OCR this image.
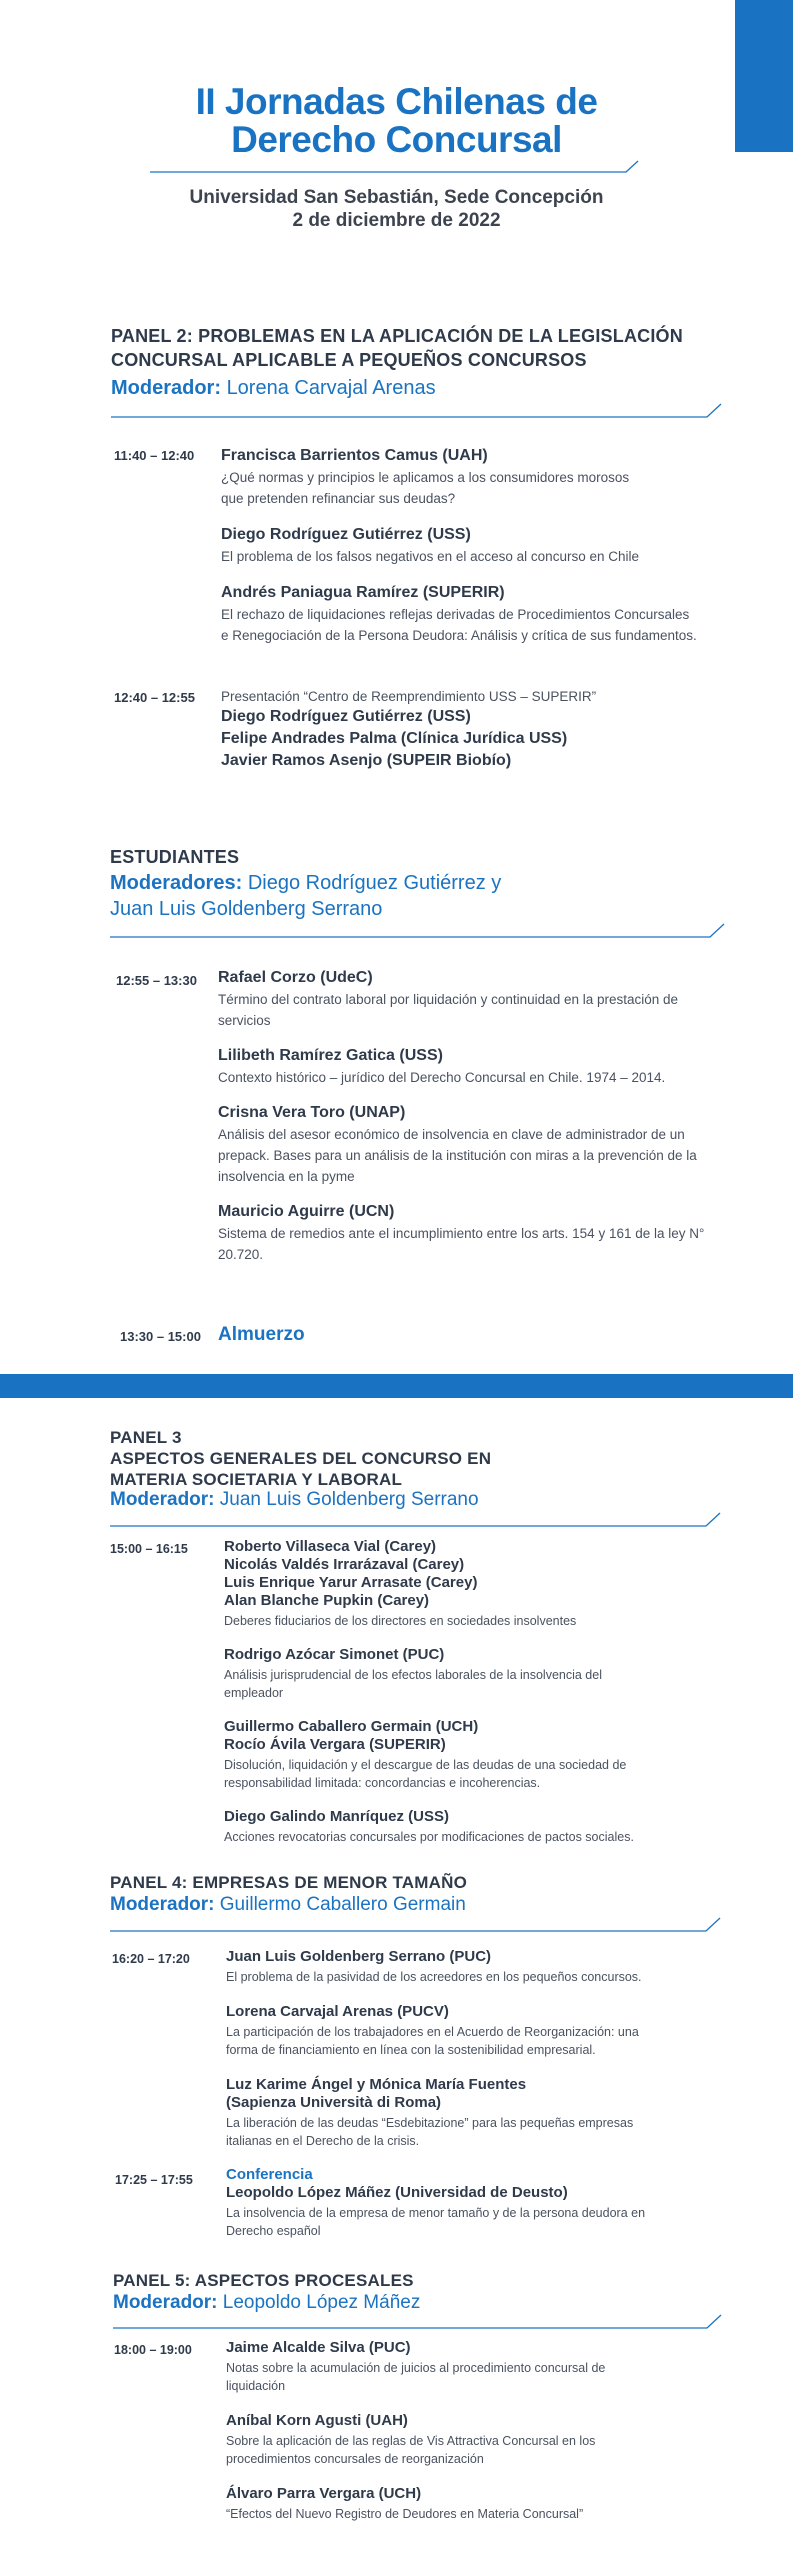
II Jornadas Chilenas de
Derecho Concursal
Universidad San Sebastián, Sede Concepción
2 de diciembre de 2022
PANEL 2: PROBLEMAS EN LA APLICACIÓN DE LA LEGISLACIÓN
CONCURSAL APLICABLE A PEQUEÑOS CONCURSOS
Moderador: Lorena Carvajal Arenas
11:40 – 12:40 Francisca Barrientos Camus (UAH)
¿Qué normas y principios le aplicamos a los consumidores morosos
que pretenden refinanciar sus deudas?
Diego Rodríguez Gutiérrez (USS)
El problema de los falsos negativos en el acceso al concurso en Chile
Andrés Paniagua Ramírez (SUPERIR)
El rechazo de liquidaciones reflejas derivadas de Procedimientos Concursales
e Renegociación de la Persona Deudora: Análisis y crítica de sus fundamentos.
12:40 – 12:55 Presentación “Centro de Reemprendimiento USS – SUPERIR”
Diego Rodríguez Gutiérrez (USS)
Felipe Andrades Palma (Clínica Jurídica USS)
Javier Ramos Asenjo (SUPEIR Biobío)
ESTUDIANTES
Moderadores: Diego Rodríguez Gutiérrez y
Juan Luis Goldenberg Serrano
12:55 – 13:30 Rafael Corzo (UdeC)
Término del contrato laboral por liquidación y continuidad en la prestación de
servicios
Lilibeth Ramírez Gatica (USS)
Contexto histórico – jurídico del Derecho Concursal en Chile. 1974 – 2014.
Crisna Vera Toro (UNAP)
Análisis del asesor económico de insolvencia en clave de administrador de un
prepack. Bases para un análisis de la institución con miras a la prevención de la
insolvencia en la pyme
Mauricio Aguirre (UCN)
Sistema de remedios ante el incumplimiento entre los arts. 154 y 161 de la ley N°
20.720.
13:30 – 15:00 Almuerzo
PANEL 3
ASPECTOS GENERALES DEL CONCURSO EN
MATERIA SOCIETARIA Y LABORAL
Moderador: Juan Luis Goldenberg Serrano
15:00 – 16:15 Roberto Villaseca Vial (Carey)
Nicolás Valdés Irrarázaval (Carey)
Luis Enrique Yarur Arrasate (Carey)
Alan Blanche Pupkin (Carey)
Deberes fiduciarios de los directores en sociedades insolventes
Rodrigo Azócar Simonet (PUC)
Análisis jurisprudencial de los efectos laborales de la insolvencia del
empleador
Guillermo Caballero Germain (UCH)
Rocío Ávila Vergara (SUPERIR)
Disolución, liquidación y el descargue de las deudas de una sociedad de
responsabilidad limitada: concordancias e incoherencias.
Diego Galindo Manríquez (USS)
Acciones revocatorias concursales por modificaciones de pactos sociales.
PANEL 4: EMPRESAS DE MENOR TAMAÑO
Moderador: Guillermo Caballero Germain
16:20 – 17:20 Juan Luis Goldenberg Serrano (PUC)
El problema de la pasividad de los acreedores en los pequeños concursos.
Lorena Carvajal Arenas (PUCV)
La participación de los trabajadores en el Acuerdo de Reorganización: una
forma de financiamiento en línea con la sostenibilidad empresarial.
Luz Karime Ángel y Mónica María Fuentes
(Sapienza Università di Roma)
La liberación de las deudas “Esdebitazione” para las pequeñas empresas
italianas en el Derecho de la crisis.
17:25 – 17:55 Conferencia
Leopoldo López Máñez (Universidad de Deusto)
La insolvencia de la empresa de menor tamaño y de la persona deudora en
Derecho español
PANEL 5: ASPECTOS PROCESALES
Moderador: Leopoldo López Máñez
18:00 – 19:00 Jaime Alcalde Silva (PUC)
Notas sobre la acumulación de juicios al procedimiento concursal de
liquidación
Aníbal Korn Agusti (UAH)
Sobre la aplicación de las reglas de Vis Attractiva Concursal en los
procedimientos concursales de reorganización
Álvaro Parra Vergara (UCH)
“Efectos del Nuevo Registro de Deudores en Materia Concursal”
